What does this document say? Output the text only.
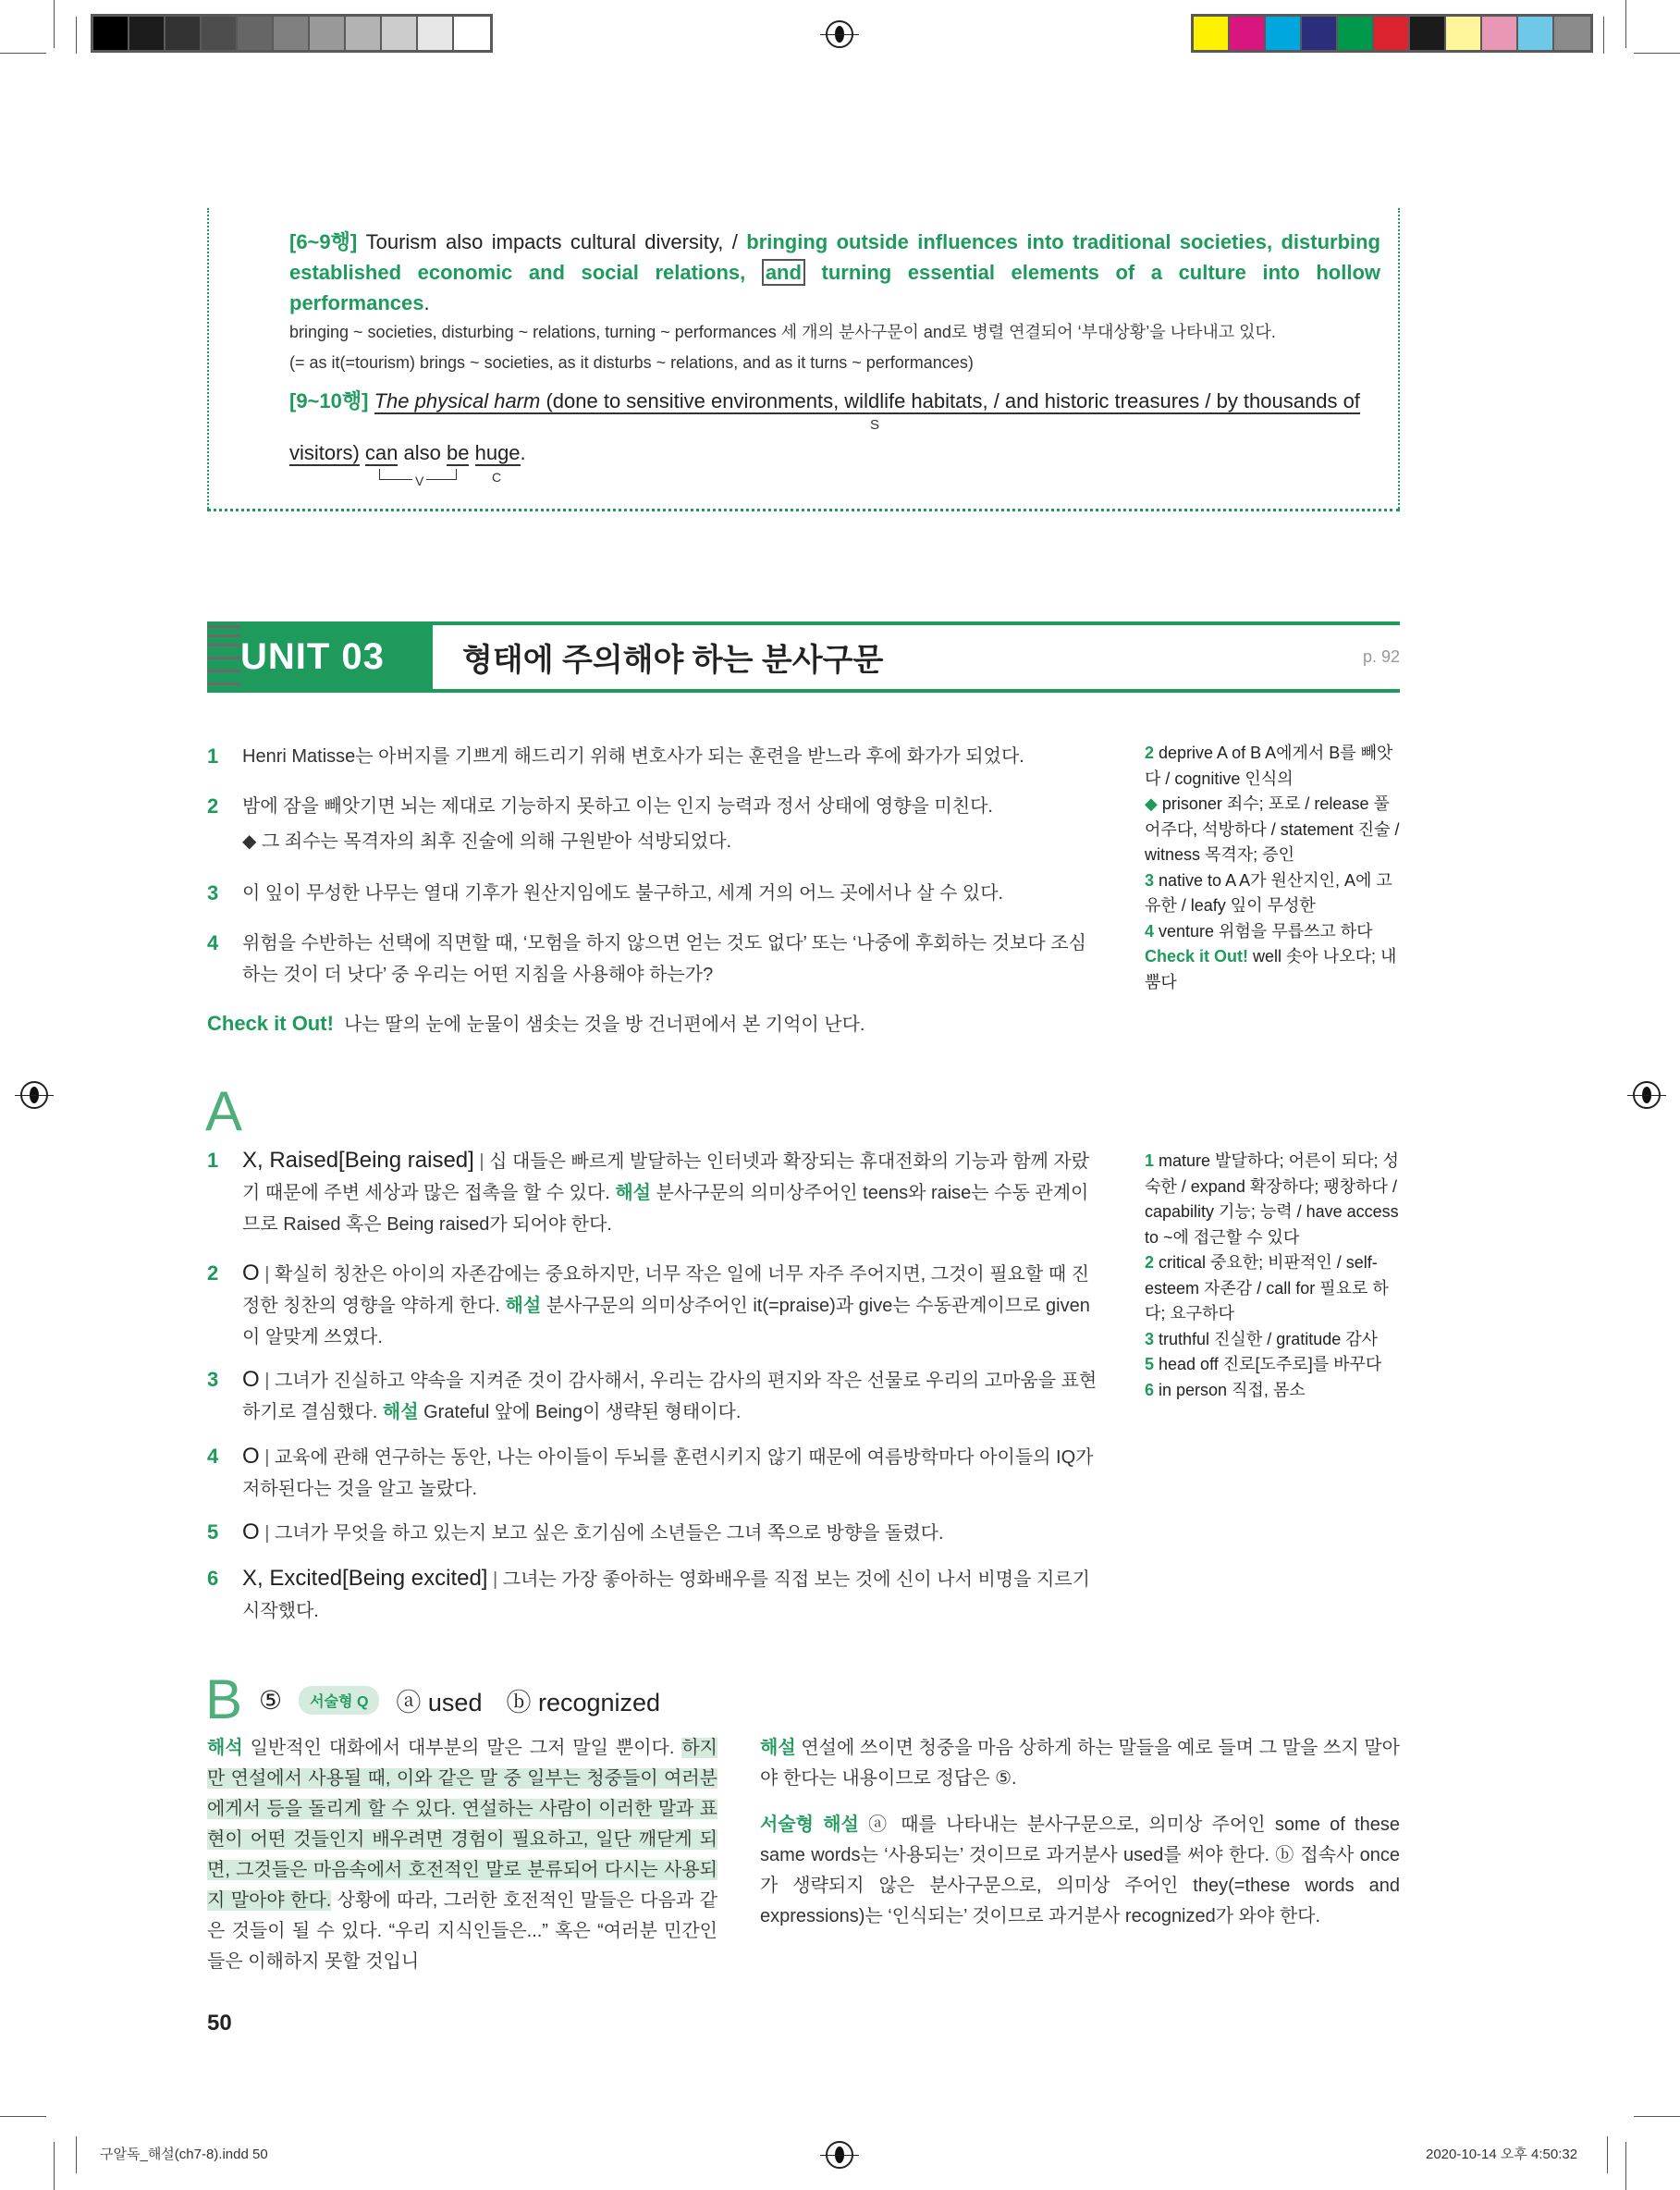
[6~9행] Tourism also impacts cultural diversity, / bringing outside influences into traditional societies, disturbing established economic and social relations, and turning essential elements of a culture into hollow performances.
bringing ~ societies, disturbing ~ relations, turning ~ performances 세 개의 분사구문이 and로 병렬 연결되어 ‘부대상황’을 나타내고 있다.
(= as it(=tourism) brings ~ societies, as it disturbs ~ relations, and as it turns ~ performances)
[9~10행] The physical harm (done to sensitive environments, wildlife habitats, / and historic treasures / by thousands of
S
visitors) can also be huge.
V	C
UNIT 03	형태에 주의해야 하는 분사구문	p. 92
1 Henri Matisse는 아버지를 기쁘게 해드리기 위해 변호사가 되는 훈련을 받느라 후에 화가가 되었다.
2 밤에 잠을 빼앗기면 뇌는 제대로 기능하지 못하고 이는 인지 능력과 정서 상태에 영향을 미친다.
◆ 그 죄수는 목격자의 최후 진술에 의해 구원받아 석방되었다.
3 이 잎이 무성한 나무는 열대 기후가 원산지임에도 불구하고, 세계 거의 어느 곳에서나 살 수 있다.
4 위험을 수반하는 선택에 직면할 때, ‘모험을 하지 않으면 얻는 것도 없다’ 또는 ‘나중에 후회하는 것보다 조심하는 것이 더 낫다’ 중 우리는 어떤 지침을 사용해야 하는가?
Check it Out! 나는 딸의 눈에 눈물이 샘솟는 것을 방 건너편에서 본 기억이 난다.
2 deprive A of B A에게서 B를 빼앗다 / cognitive 인식의
◆ prisoner 죄수; 포로 / release 풀어주다, 석방하다 / statement 진술 / witness 목격자; 증인
3 native to A A가 원산지인, A에 고유한 / leafy 잎이 무성한
4 venture 위험을 무릅쓰고 하다
Check it Out! well 솟아 나오다; 내뿜다
A
1 X, Raised[Being raised] | 십 대들은 빠르게 발달하는 인터넷과 확장되는 휴대전화의 기능과 함께 자랐기 때문에 주변 세상과 많은 접촉을 할 수 있다. 해설 분사구문의 의미상주어인 teens와 raise는 수동 관계이므로 Raised 혹은 Being raised가 되어야 한다.
2 O | 확실히 칭찬은 아이의 자존감에는 중요하지만, 너무 작은 일에 너무 자주 주어지면, 그것이 필요할 때 진정한 칭찬의 영향을 약하게 한다. 해설 분사구문의 의미상주어인 it(=praise)과 give는 수동관계이므로 given이 알맞게 쓰였다.
3 O | 그녀가 진실하고 약속을 지켜준 것이 감사해서, 우리는 감사의 편지와 작은 선물로 우리의 고마움을 표현하기로 결심했다. 해설 Grateful 앞에 Being이 생략된 형태이다.
4 O | 교육에 관해 연구하는 동안, 나는 아이들이 두뇌를 훈련시키지 않기 때문에 여름방학마다 아이들의 IQ가 저하된다는 것을 알고 놀랐다.
5 O | 그녀가 무엇을 하고 있는지 보고 싶은 호기심에 소년들은 그녀 쪽으로 방향을 돌렸다.
6 X, Excited[Being excited] | 그녀는 가장 좋아하는 영화배우를 직접 보는 것에 신이 나서 비명을 지르기 시작했다.
1 mature 발달하다; 어른이 되다; 성숙한 / expand 확장하다; 팽창하다 / capability 기능; 능력 / have access to ~에 접근할 수 있다
2 critical 중요한; 비판적인 / self-esteem 자존감 / call for 필요로 하다; 요구하다
3 truthful 진실한 / gratitude 감사
5 head off 진로[도주로]를 바꾸다
6 in person 직접, 몸소
B ⑤	서술형 Q	ⓐ used ⓑ recognized
해석 일반적인 대화에서 대부분의 말은 그저 말일 뿐이다. 하지만 연설에서 사용될 때, 이와 같은 말 중 일부는 청중들이 여러분에게서 등을 돌리게 할 수 있다. 연설하는 사람이 이러한 말과 표현이 어떤 것들인지 배우려면 경험이 필요하고, 일단 깨닫게 되면, 그것들은 마음속에서 호전적인 말로 분류되어 다시는 사용되지 말아야 한다. 상황에 따라, 그러한 호전적인 말들은 다음과 같은 것들이 될 수 있다. “우리 지식인들은...” 혹은 “여러분 민간인들은 이해하지 못할 것입니
해설 연설에 쓰이면 청중을 마음 상하게 하는 말들을 예로 들며 그 말을 쓰지 말아야 한다는 내용이므로 정답은 ⑤.
서술형 해설 ⓐ 때를 나타내는 분사구문으로, 의미상 주어인 some of these same words는 ‘사용되는’ 것이므로 과거분사 used를 써야 한다. ⓑ 접속사 once가 생략되지 않은 분사구문으로, 의미상 주어인 they(=these words and expressions)는 ‘인식되는’ 것이므로 과거분사 recognized가 와야 한다.
50
구알독_해설(ch7-8).indd 50	2020-10-14 오후 4:50:32
